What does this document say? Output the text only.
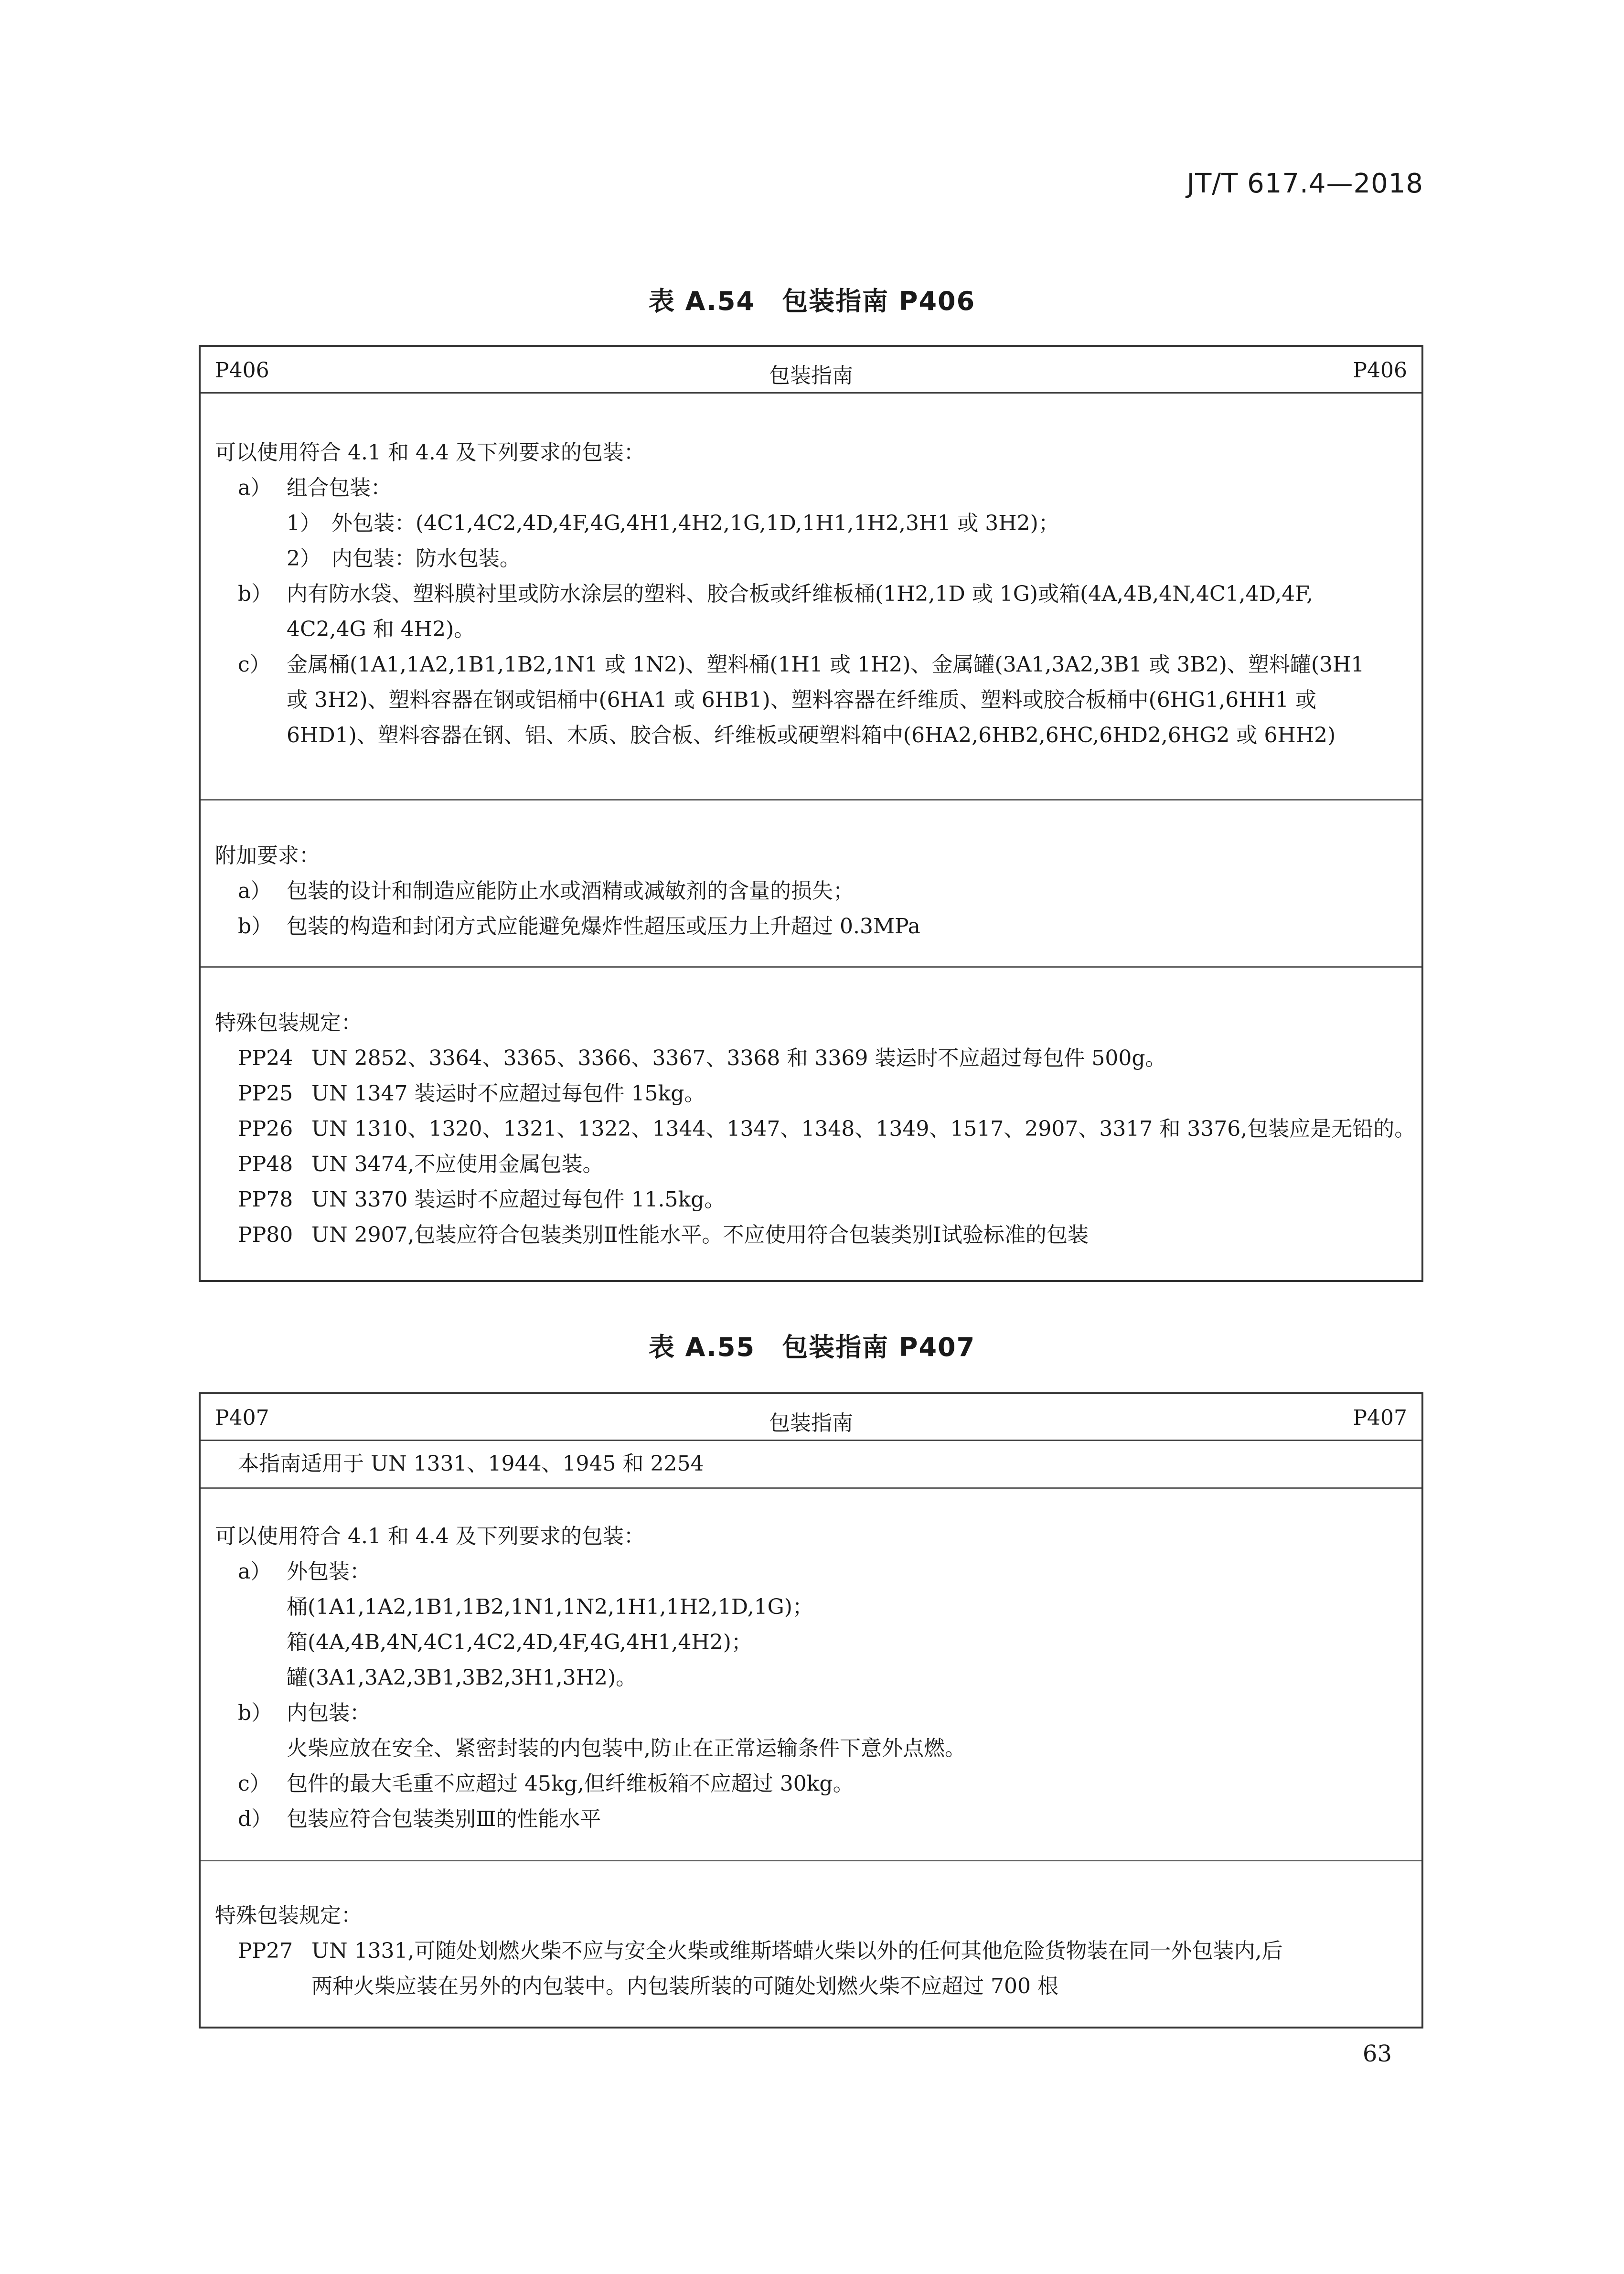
JT/T 617.4—2018
表 A.54　包装指南 P406
P406	包装指南	P406
可以使用符合 4.1 和 4.4 及下列要求的包装：
a） 组合包装：
1）　外包装：(4C1,4C2,4D,4F,4G,4H1,4H2,1G,1D,1H1,1H2,3H1 或 3H2)；
2）　内包装：防水包装。
b） 内有防水袋、塑料膜衬里或防水涂层的塑料、胶合板或纤维板桶(1H2,1D 或 1G)或箱(4A,4B,4N,4C1,4D,4F,
4C2,4G 和 4H2)。
c） 金属桶(1A1,1A2,1B1,1B2,1N1 或 1N2)、塑料桶(1H1 或 1H2)、金属罐(3A1,3A2,3B1 或 3B2)、塑料罐(3H1
或 3H2)、塑料容器在钢或铝桶中(6HA1 或 6HB1)、塑料容器在纤维质、塑料或胶合板桶中(6HG1,6HH1 或
6HD1)、塑料容器在钢、铝、木质、胶合板、纤维板或硬塑料箱中(6HA2,6HB2,6HC,6HD2,6HG2 或 6HH2)
附加要求：
a） 包装的设计和制造应能防止水或酒精或减敏剂的含量的损失；
b） 包装的构造和封闭方式应能避免爆炸性超压或压力上升超过 0.3MPa
特殊包装规定：
PP24 UN 2852、3364、3365、3366、3367、3368 和 3369 装运时不应超过每包件 500g。
PP25 UN 1347 装运时不应超过每包件 15kg。
PP26 UN 1310、1320、1321、1322、1344、1347、1348、1349、1517、2907、3317 和 3376,包装应是无铅的。
PP48 UN 3474,不应使用金属包装。
PP78 UN 3370 装运时不应超过每包件 11.5kg。
PP80 UN 2907,包装应符合包装类别Ⅱ性能水平。不应使用符合包装类别Ⅰ试验标准的包装
表 A.55　包装指南 P407
P407	包装指南	P407
本指南适用于 UN 1331、1944、1945 和 2254
可以使用符合 4.1 和 4.4 及下列要求的包装：
a） 外包装：
桶(1A1,1A2,1B1,1B2,1N1,1N2,1H1,1H2,1D,1G)；
箱(4A,4B,4N,4C1,4C2,4D,4F,4G,4H1,4H2)；
罐(3A1,3A2,3B1,3B2,3H1,3H2)。
b） 内包装：
火柴应放在安全、紧密封装的内包装中,防止在正常运输条件下意外点燃。
c） 包件的最大毛重不应超过 45kg,但纤维板箱不应超过 30kg。
d） 包装应符合包装类别Ⅲ的性能水平
特殊包装规定：
PP27 UN 1331,可随处划燃火柴不应与安全火柴或维斯塔蜡火柴以外的任何其他危险货物装在同一外包装内,后
两种火柴应装在另外的内包装中。内包装所装的可随处划燃火柴不应超过 700 根
63
